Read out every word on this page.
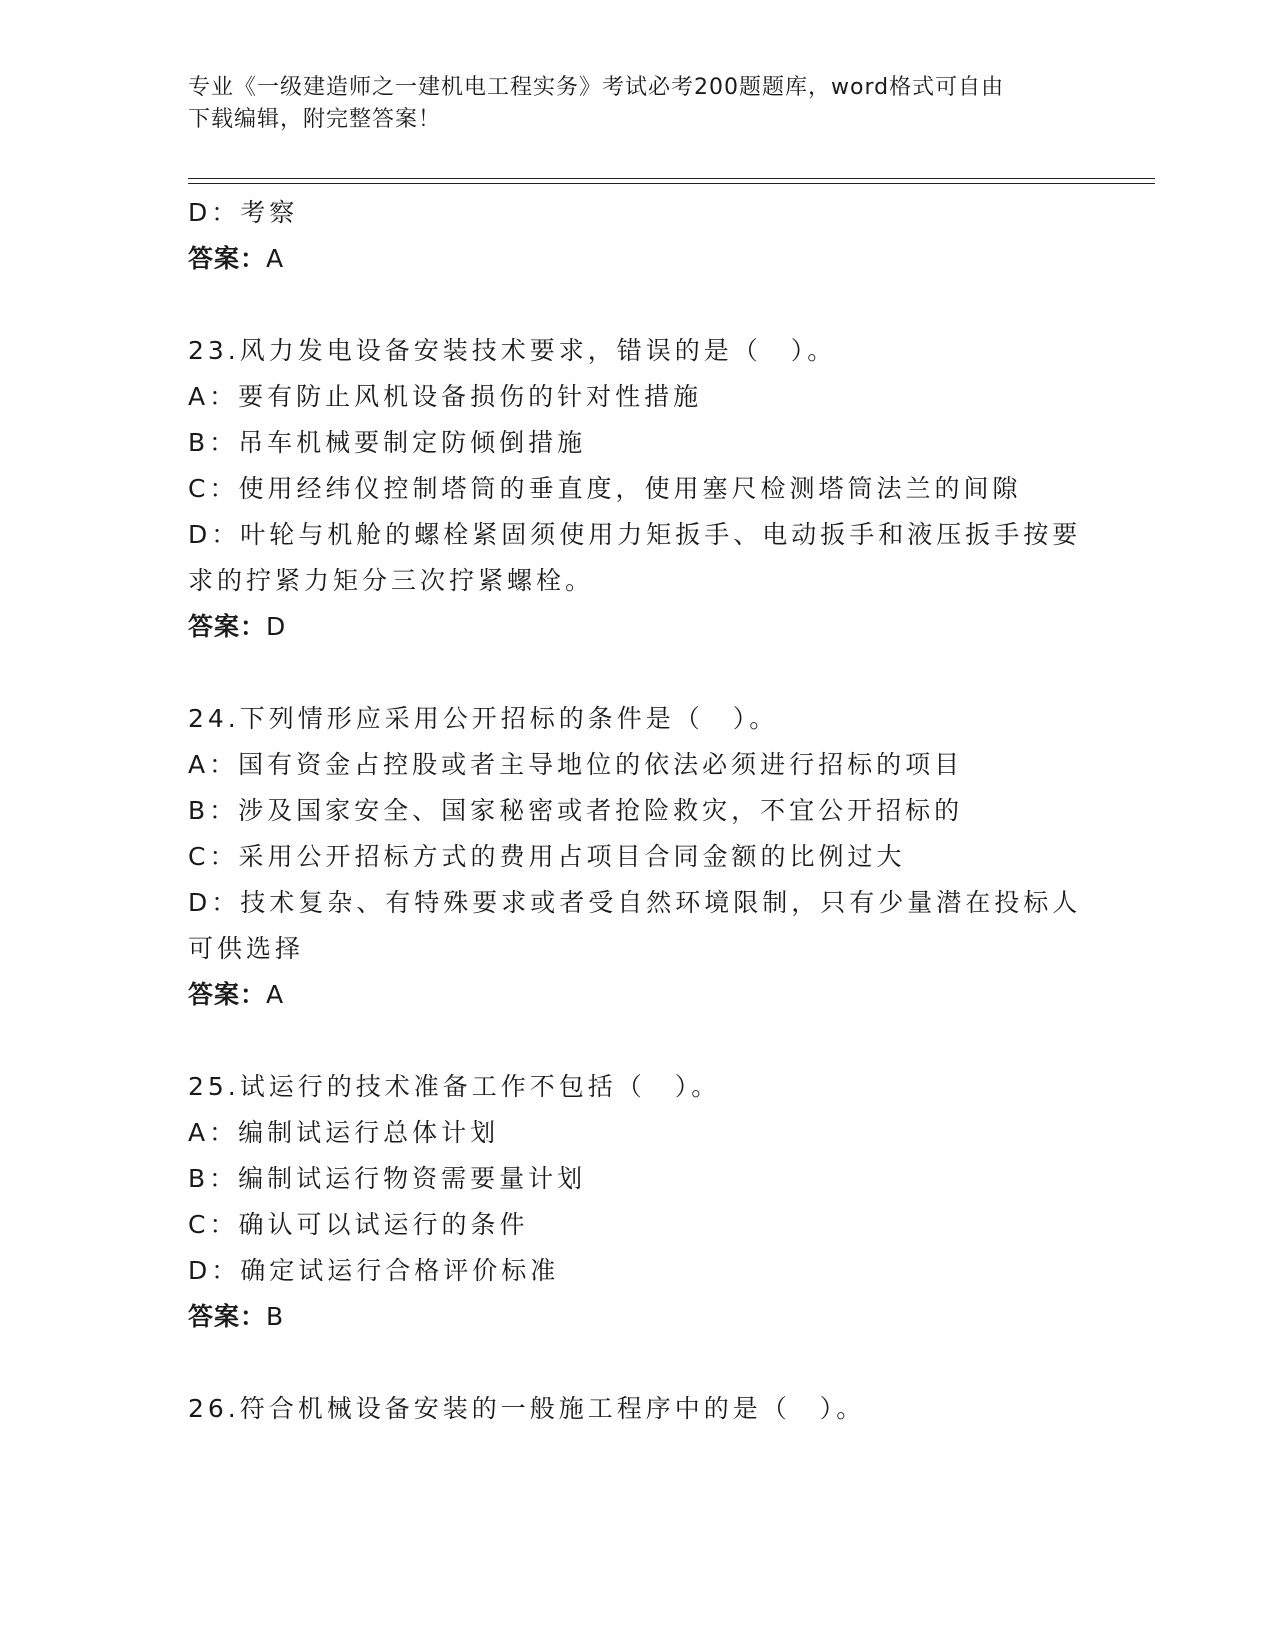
专业《一级建造师之一建机电工程实务》考试必考200题题库，word格式可自由
下载编辑，附完整答案！
D：考察
答案：A
23.风力发电设备安装技术要求，错误的是（　）。
A：要有防止风机设备损伤的针对性措施
B：吊车机械要制定防倾倒措施
C：使用经纬仪控制塔筒的垂直度，使用塞尺检测塔筒法兰的间隙
D：叶轮与机舱的螺栓紧固须使用力矩扳手、电动扳手和液压扳手按要
求的拧紧力矩分三次拧紧螺栓。
答案：D
24.下列情形应采用公开招标的条件是（　）。
A：国有资金占控股或者主导地位的依法必须进行招标的项目
B：涉及国家安全、国家秘密或者抢险救灾，不宜公开招标的
C：采用公开招标方式的费用占项目合同金额的比例过大
D：技术复杂、有特殊要求或者受自然环境限制，只有少量潜在投标人
可供选择
答案：A
25.试运行的技术准备工作不包括（　）。
A：编制试运行总体计划
B：编制试运行物资需要量计划
C：确认可以试运行的条件
D：确定试运行合格评价标准
答案：B
26.符合机械设备安装的一般施工程序中的是（　）。
